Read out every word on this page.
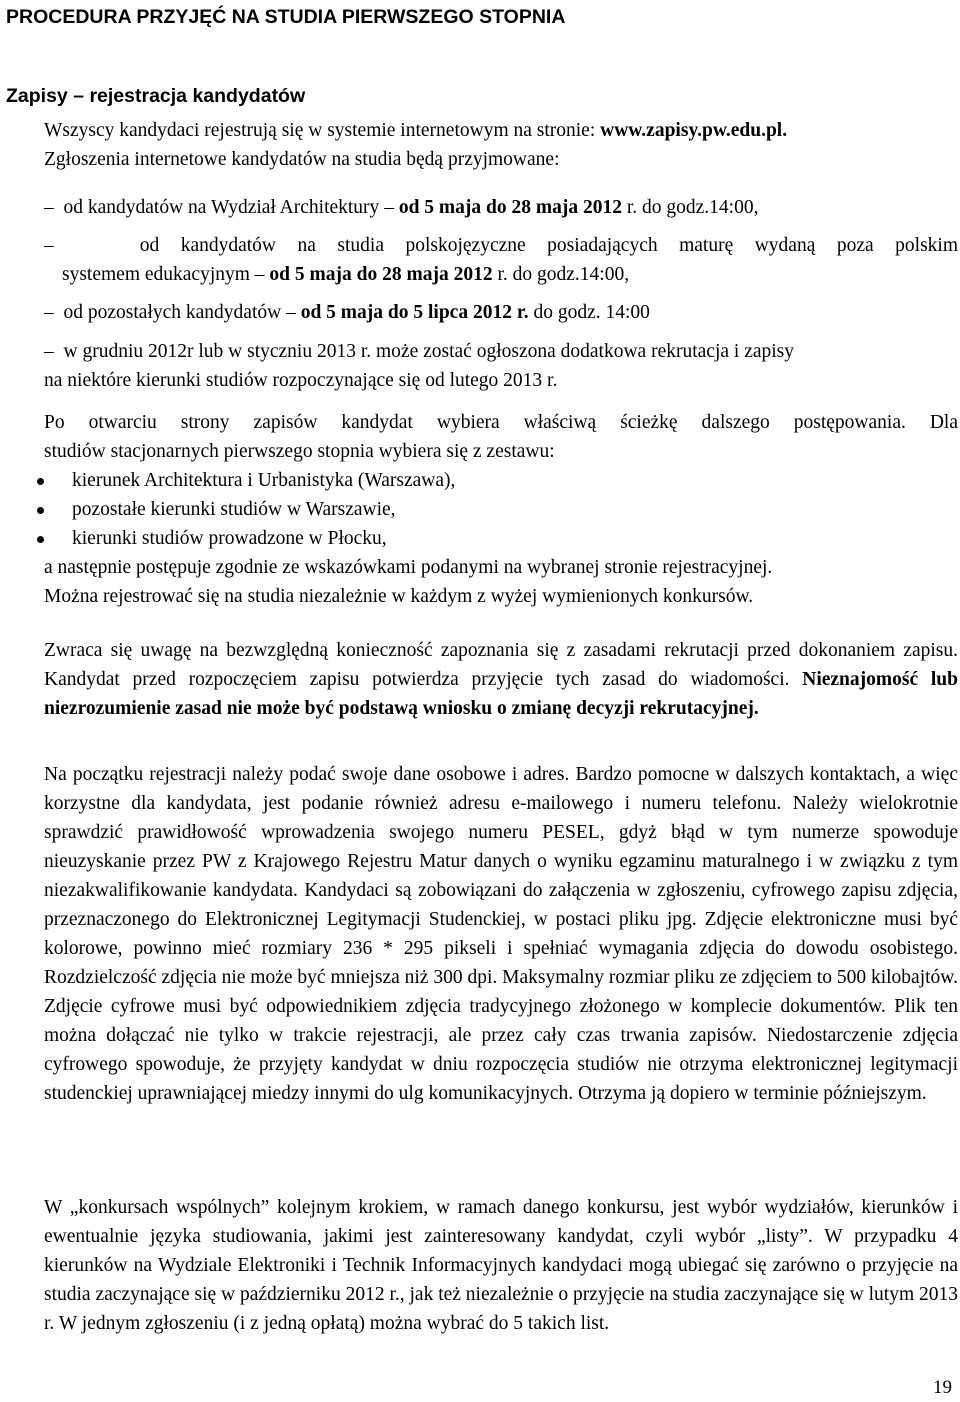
PROCEDURA PRZYJĘĆ NA STUDIA PIERWSZEGO STOPNIA
Zapisy – rejestracja kandydatów

Wszyscy kandydaci rejestrują się w systemie internetowym na stronie: www.zapisy.pw.edu.pl.

Zgłoszenia internetowe kandydatów na studia będą przyjmowane:

– od kandydatów na Wydział Architektury – od 5 maja do 28 maja 2012 r. do godz.14:00,

–	od kandydatów na studia polskojęzyczne posiadających maturę wydaną poza polskim

systemem edukacyjnym – od 5 maja do 28 maja 2012 r. do godz.14:00,

– od pozostałych kandydatów – od 5 maja do 5 lipca 2012 r. do godz. 14:00

– w grudniu 2012r lub w styczniu 2013 r. może zostać ogłoszona dodatkowa rekrutacja i zapisy

na niektóre kierunki studiów rozpoczynające się od lutego 2013 r.

Po otwarciu strony zapisów kandydat wybiera właściwą ścieżkę dalszego postępowania. Dla

studiów stacjonarnych pierwszego stopnia wybiera się z zestawu:

kierunek Architektura i Urbanistyka (Warszawa),
pozostałe kierunki studiów w Warszawie,
kierunki studiów prowadzone w Płocku,

a następnie postępuje zgodnie ze wskazówkami podanymi na wybranej stronie rejestracyjnej.

Można rejestrować się na studia niezależnie w każdym z wyżej wymienionych konkursów.

Zwraca się uwagę na bezwzględną konieczność zapoznania się z zasadami rekrutacji przed dokonaniem zapisu. Kandydat przed rozpoczęciem zapisu potwierdza przyjęcie tych zasad do wiadomości. Nieznajomość lub niezrozumienie zasad nie może być podstawą wniosku o zmianę decyzji rekrutacyjnej.

Na początku rejestracji należy podać swoje dane osobowe i adres. Bardzo pomocne w dalszych kontaktach, a więc korzystne dla kandydata, jest podanie również adresu e-mailowego i numeru telefonu. Należy wielokrotnie sprawdzić prawidłowość wprowadzenia swojego numeru PESEL, gdyż błąd w tym numerze spowoduje nieuzyskanie przez PW z Krajowego Rejestru Matur danych o wyniku egzaminu maturalnego i w związku z tym niezakwalifikowanie kandydata. Kandydaci są zobowiązani do załączenia w zgłoszeniu, cyfrowego zapisu zdjęcia, przeznaczonego do Elektronicznej Legitymacji Studenckiej, w postaci pliku jpg. Zdjęcie elektroniczne musi być kolorowe, powinno mieć rozmiary 236 * 295 pikseli i spełniać wymagania zdjęcia do dowodu osobistego. Rozdzielczość zdjęcia nie może być mniejsza niż 300 dpi. Maksymalny rozmiar pliku ze zdjęciem to 500 kilobajtów. Zdjęcie cyfrowe musi być odpowiednikiem zdjęcia tradycyjnego złożonego w komplecie dokumentów. Plik ten można dołączać nie tylko w trakcie rejestracji, ale przez cały czas trwania zapisów. Niedostarczenie zdjęcia cyfrowego spowoduje, że przyjęty kandydat w dniu rozpoczęcia studiów nie otrzyma elektronicznej legitymacji studenckiej uprawniającej miedzy innymi do ulg komunikacyjnych. Otrzyma ją dopiero w terminie późniejszym.

W „konkursach wspólnych” kolejnym krokiem, w ramach danego konkursu, jest wybór wydziałów, kierunków i ewentualnie języka studiowania, jakimi jest zainteresowany kandydat, czyli wybór „listy”. W przypadku 4 kierunków na Wydziale Elektroniki i Technik Informacyjnych kandydaci mogą ubiegać się zarówno o przyjęcie na studia zaczynające się w październiku 2012 r., jak też niezależnie o przyjęcie na studia zaczynające się w lutym 2013 r. W jednym zgłoszeniu (i z jedną opłatą) można wybrać do 5 takich list.

19
